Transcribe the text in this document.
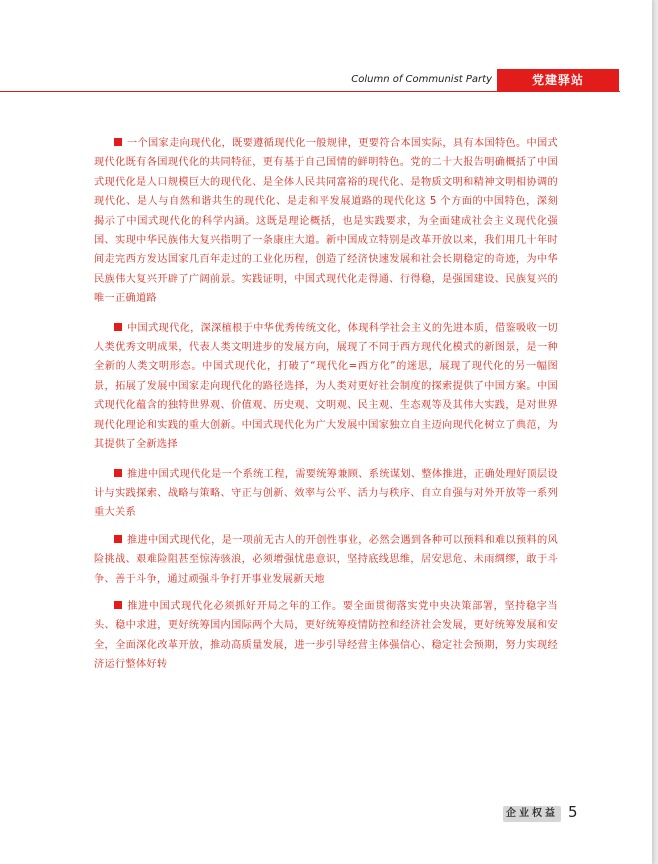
Column of Communist Party	党建驿站

一个国家走向现代化，既要遵循现代化一般规律，更要符合本国实际，具有本国特色。中国式现代化既有各国现代化的共同特征，更有基于自己国情的鲜明特色。党的二十大报告明确概括了中国式现代化是人口规模巨大的现代化、是全体人民共同富裕的现代化、是物质文明和精神文明相协调的现代化、是人与自然和谐共生的现代化、是走和平发展道路的现代化这 5 个方面的中国特色，深刻揭示了中国式现代化的科学内涵。这既是理论概括，也是实践要求，为全面建成社会主义现代化强国、实现中华民族伟大复兴指明了一条康庄大道。新中国成立特别是改革开放以来，我们用几十年时间走完西方发达国家几百年走过的工业化历程，创造了经济快速发展和社会长期稳定的奇迹，为中华民族伟大复兴开辟了广阔前景。实践证明，中国式现代化走得通、行得稳，是强国建设、民族复兴的唯一正确道路

中国式现代化，深深植根于中华优秀传统文化，体现科学社会主义的先进本质，借鉴吸收一切人类优秀文明成果，代表人类文明进步的发展方向，展现了不同于西方现代化模式的新图景，是一种全新的人类文明形态。中国式现代化，打破了“现代化=西方化”的迷思，展现了现代化的另一幅图景，拓展了发展中国家走向现代化的路径选择，为人类对更好社会制度的探索提供了中国方案。中国式现代化蕴含的独特世界观、价值观、历史观、文明观、民主观、生态观等及其伟大实践，是对世界现代化理论和实践的重大创新。中国式现代化为广大发展中国家独立自主迈向现代化树立了典范，为其提供了全新选择

推进中国式现代化是一个系统工程，需要统筹兼顾、系统谋划、整体推进，正确处理好顶层设计与实践探索、战略与策略、守正与创新、效率与公平、活力与秩序、自立自强与对外开放等一系列重大关系

推进中国式现代化，是一项前无古人的开创性事业，必然会遇到各种可以预料和难以预料的风险挑战、艰难险阻甚至惊涛骇浪，必须增强忧患意识，坚持底线思维，居安思危、未雨绸缪，敢于斗争、善于斗争，通过顽强斗争打开事业发展新天地

推进中国式现代化必须抓好开局之年的工作。要全面贯彻落实党中央决策部署，坚持稳字当头、稳中求进，更好统筹国内国际两个大局，更好统筹疫情防控和经济社会发展，更好统筹发展和安全，全面深化改革开放，推动高质量发展，进一步引导经营主体强信心、稳定社会预期，努力实现经济运行整体好转

企业权益 5
